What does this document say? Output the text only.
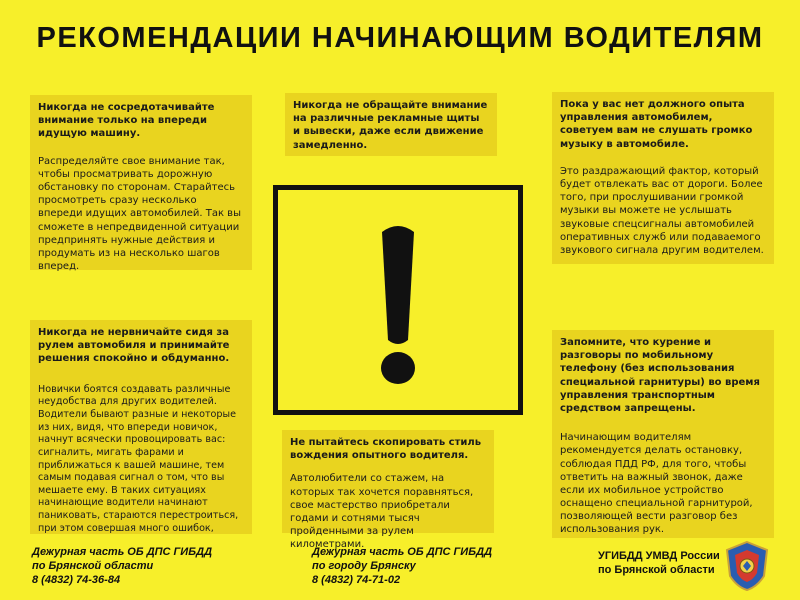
РЕКОМЕНДАЦИИ НАЧИНАЮЩИМ ВОДИТЕЛЯМ

Никогда не сосредотачивайте внимание только на впереди идущую машину.

Распределяйте свое внимание так, чтобы просматривать дорожную обстановку по сторонам. Старайтесь просмотреть сразу несколько впереди идущих автомобилей. Так вы сможете в непредвиденной ситуации предпринять нужные действия и продумать из на несколько шагов вперед.

Никогда не обращайте внимание на различные рекламные щиты и вывески, даже если движение замедленно.

Пока у вас нет должного опыта управления автомобилем, советуем вам не слушать громко музыку в автомобиле.

Это раздражающий фактор, который будет отвлекать вас от дороги. Более того, при прослушивании громкой музыки вы можете не услышать звуковые спецсигналы автомобилей оперативных служб или подаваемого звукового сигнала другим водителем.

Никогда не нервничайте сидя за рулем автомобиля и принимайте решения спокойно и обдуманно.

Новички боятся создавать различные неудобства для других водителей. Водители бывают разные и некоторые из них, видя, что впереди новичок, начнут всячески провоцировать вас: сигналить, мигать фарами и приближаться к вашей машине, тем самым подавая сигнал о том, что вы мешаете ему. В таких ситуациях начинающие водители начинают паниковать, стараются перестроиться, при этом совершая много ошибок,

Не пытайтесь скопировать стиль вождения опытного водителя.

Автолюбители со стажем, на которых так хочется поравняться, свое мастерство приобретали годами и сотнями тысяч пройденными за рулем километрами.

Запомните, что курение и разговоры по мобильному телефону (без использования специальной гарнитуры) во время управления транспортным средством запрещены.

Начинающим водителям рекомендуется делать остановку, соблюдая ПДД РФ, для того, чтобы ответить на важный звонок, даже если их мобильное устройство оснащено специальной гарнитурой, позволяющей вести разговор без использования рук.

Дежурная часть ОБ ДПС ГИБДД
по Брянской области
8 (4832) 74-36-84
Дежурная часть ОБ ДПС ГИБДД
по городу Брянску
8 (4832) 74-71-02
УГИБДД УМВД России
по Брянской области
